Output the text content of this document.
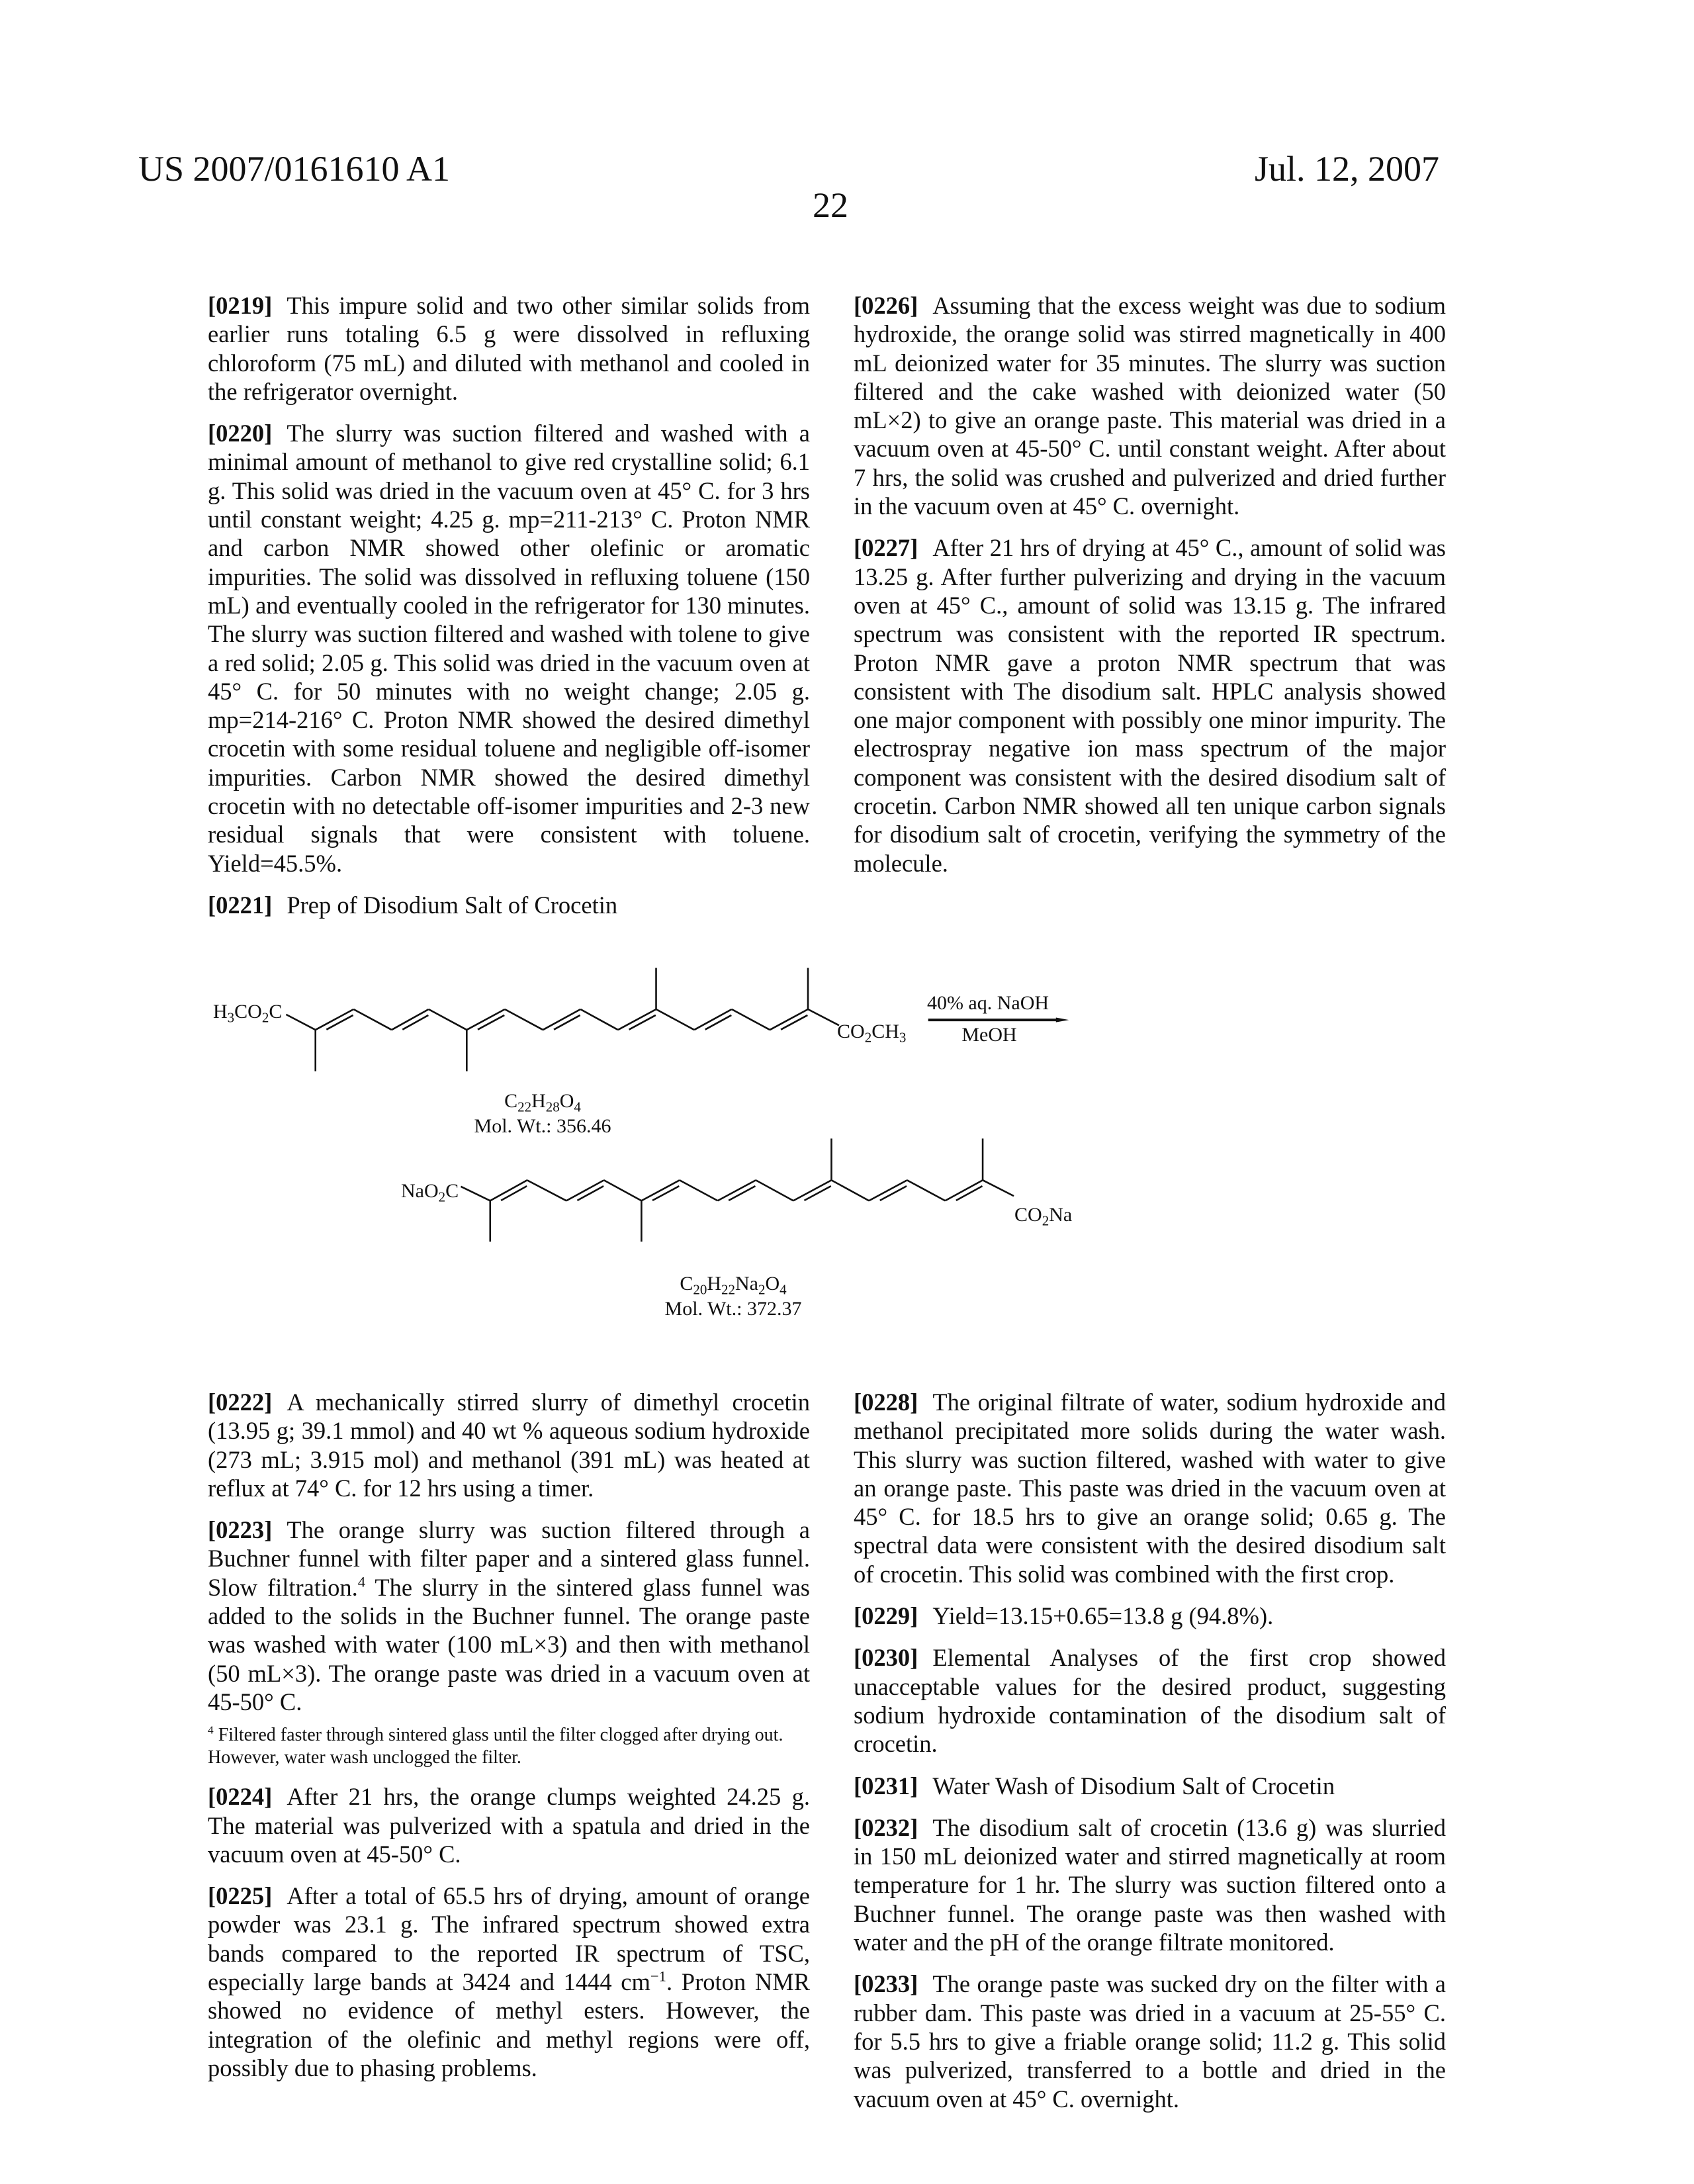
US 2007/0161610 A1	Jul. 12, 2007
22
[0219] This impure solid and two other similar solids from earlier runs totaling 6.5 g were dissolved in refluxing chloroform (75 mL) and diluted with methanol and cooled in the refrigerator overnight.
[0220] The slurry was suction filtered and washed with a minimal amount of methanol to give red crystalline solid; 6.1 g. This solid was dried in the vacuum oven at 45° C. for 3 hrs until constant weight; 4.25 g. mp=211-213° C. Proton NMR and carbon NMR showed other olefinic or aromatic impurities. The solid was dissolved in refluxing toluene (150 mL) and eventually cooled in the refrigerator for 130 minutes. The slurry was suction filtered and washed with tolene to give a red solid; 2.05 g. This solid was dried in the vacuum oven at 45° C. for 50 minutes with no weight change; 2.05 g. mp=214-216° C. Proton NMR showed the desired dimethyl crocetin with some residual toluene and negligible off-isomer impurities. Carbon NMR showed the desired dimethyl crocetin with no detectable off-isomer impurities and 2-3 new residual signals that were consistent with toluene. Yield=45.5%.
[0221] Prep of Disodium Salt of Crocetin
[0222] A mechanically stirred slurry of dimethyl crocetin (13.95 g; 39.1 mmol) and 40 wt % aqueous sodium hydroxide (273 mL; 3.915 mol) and methanol (391 mL) was heated at reflux at 74° C. for 12 hrs using a timer.
[0223] The orange slurry was suction filtered through a Buchner funnel with filter paper and a sintered glass funnel. Slow filtration.4 The slurry in the sintered glass funnel was added to the solids in the Buchner funnel. The orange paste was washed with water (100 mL×3) and then with methanol (50 mL×3). The orange paste was dried in a vacuum oven at 45-50° C.
4 Filtered faster through sintered glass until the filter clogged after drying out. However, water wash unclogged the filter.
[0224] After 21 hrs, the orange clumps weighted 24.25 g. The material was pulverized with a spatula and dried in the vacuum oven at 45-50° C.
[0225] After a total of 65.5 hrs of drying, amount of orange powder was 23.1 g. The infrared spectrum showed extra bands compared to the reported IR spectrum of TSC, especially large bands at 3424 and 1444 cm−1. Proton NMR showed no evidence of methyl esters. However, the integration of the olefinic and methyl regions were off, possibly due to phasing problems.
[0226] Assuming that the excess weight was due to sodium hydroxide, the orange solid was stirred magnetically in 400 mL deionized water for 35 minutes. The slurry was suction filtered and the cake washed with deionized water (50 mL×2) to give an orange paste. This material was dried in a vacuum oven at 45-50° C. until constant weight. After about 7 hrs, the solid was crushed and pulverized and dried further in the vacuum oven at 45° C. overnight.
[0227] After 21 hrs of drying at 45° C., amount of solid was 13.25 g. After further pulverizing and drying in the vacuum oven at 45° C., amount of solid was 13.15 g. The infrared spectrum was consistent with the reported IR spectrum. Proton NMR gave a proton NMR spectrum that was consistent with The disodium salt. HPLC analysis showed one major component with possibly one minor impurity. The electrospray negative ion mass spectrum of the major component was consistent with the desired disodium salt of crocetin. Carbon NMR showed all ten unique carbon signals for disodium salt of crocetin, verifying the symmetry of the molecule.
[0228] The original filtrate of water, sodium hydroxide and methanol precipitated more solids during the water wash. This slurry was suction filtered, washed with water to give an orange paste. This paste was dried in the vacuum oven at 45° C. for 18.5 hrs to give an orange solid; 0.65 g. The spectral data were consistent with the desired disodium salt of crocetin. This solid was combined with the first crop.
[0229] Yield=13.15+0.65=13.8 g (94.8%).
[0230] Elemental Analyses of the first crop showed unacceptable values for the desired product, suggesting sodium hydroxide contamination of the disodium salt of crocetin.
[0231] Water Wash of Disodium Salt of Crocetin
[0232] The disodium salt of crocetin (13.6 g) was slurried in 150 mL deionized water and stirred magnetically at room temperature for 1 hr. The slurry was suction filtered onto a Buchner funnel. The orange paste was then washed with water and the pH of the orange filtrate monitored.
[0233] The orange paste was sucked dry on the filter with a rubber dam. This paste was dried in a vacuum at 25-55° C. for 5.5 hrs to give a friable orange solid; 11.2 g. This solid was pulverized, transferred to a bottle and dried in the vacuum oven at 45° C. overnight.
H3CO2C
CO2CH3
40% aq. NaOH
MeOH
C22H28O4
Mol. Wt.: 356.46
NaO2C
CO2Na
C20H22Na2O4
Mol. Wt.: 372.37
